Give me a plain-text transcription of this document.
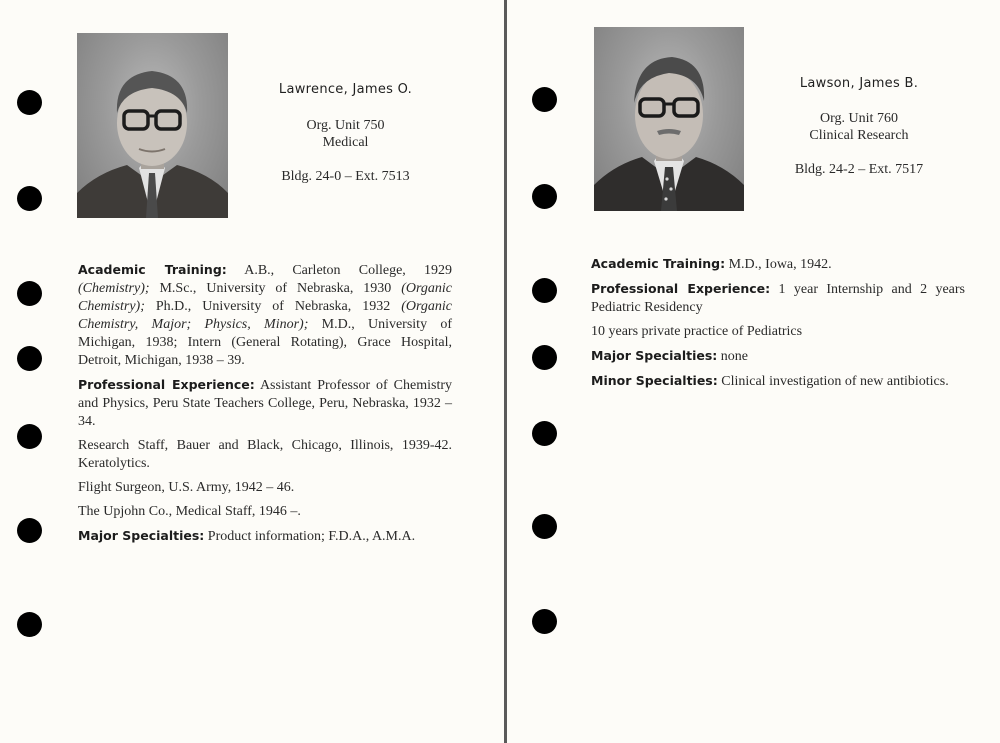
Lawrence, James O.
Org. Unit 750
Medical
Bldg. 24-0 – Ext. 7513

Academic Training: A.B., Carleton College, 1929 (Chemistry); M.Sc., University of Nebraska, 1930 (Organic Chemistry); Ph.D., University of Nebraska, 1932 (Organic Chemistry, Major; Physics, Minor); M.D., University of Michigan, 1938; Intern (General Rotating), Grace Hospital, Detroit, Michigan, 1938 – 39.

Professional Experience: Assistant Professor of Chemistry and Physics, Peru State Teachers College, Peru, Nebraska, 1932 – 34.

Research Staff, Bauer and Black, Chicago, Illinois, 1939-42. Keratolytics.

Flight Surgeon, U.S. Army, 1942 – 46.

The Upjohn Co., Medical Staff, 1946 –.

Major Specialties: Product information; F.D.A., A.M.A.

Lawson, James B.
Org. Unit 760
Clinical Research
Bldg. 24-2 – Ext. 7517

Academic Training: M.D., Iowa, 1942.

Professional Experience: 1 year Internship and 2 years Pediatric Residency

10 years private practice of Pediatrics

Major Specialties: none

Minor Specialties: Clinical investigation of new antibiotics.
